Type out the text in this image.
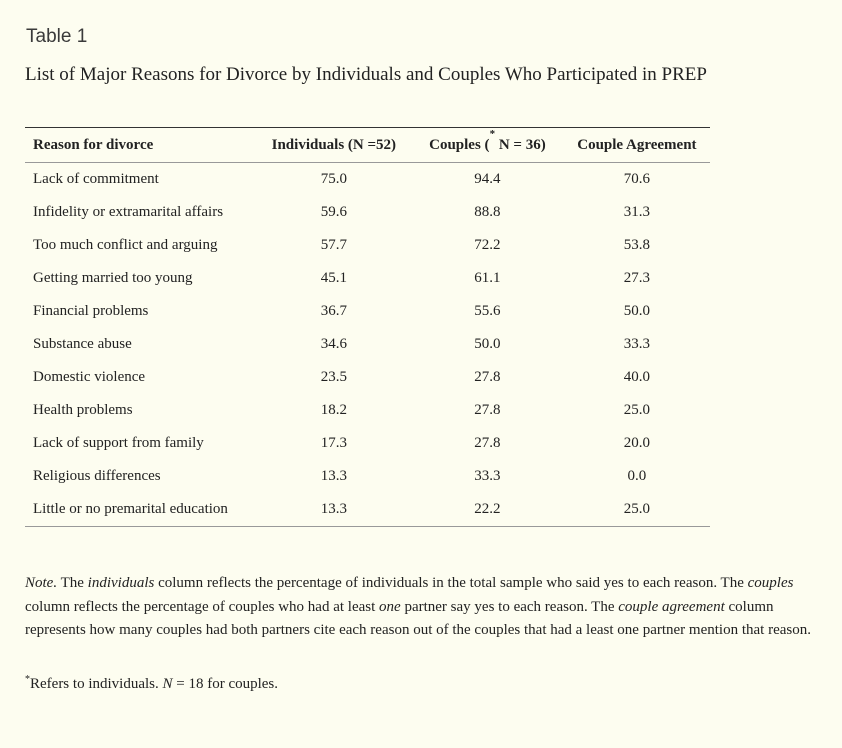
Table 1
List of Major Reasons for Divorce by Individuals and Couples Who Participated in PREP
Reason for divorce	Individuals (N =52)	Couples (* N = 36)	Couple Agreement
Lack of commitment	75.0	94.4	70.6
Infidelity or extramarital affairs	59.6	88.8	31.3
Too much conflict and arguing	57.7	72.2	53.8
Getting married too young	45.1	61.1	27.3
Financial problems	36.7	55.6	50.0
Substance abuse	34.6	50.0	33.3
Domestic violence	23.5	27.8	40.0
Health problems	18.2	27.8	25.0
Lack of support from family	17.3	27.8	20.0
Religious differences	13.3	33.3	0.0
Little or no premarital education	13.3	22.2	25.0
Note. The individuals column reflects the percentage of individuals in the total sample who said yes to each reason. The couples column reflects the percentage of couples who had at least one partner say yes to each reason. The couple agreement column represents how many couples had both partners cite each reason out of the couples that had a least one partner mention that reason.
*Refers to individuals. N = 18 for couples.
